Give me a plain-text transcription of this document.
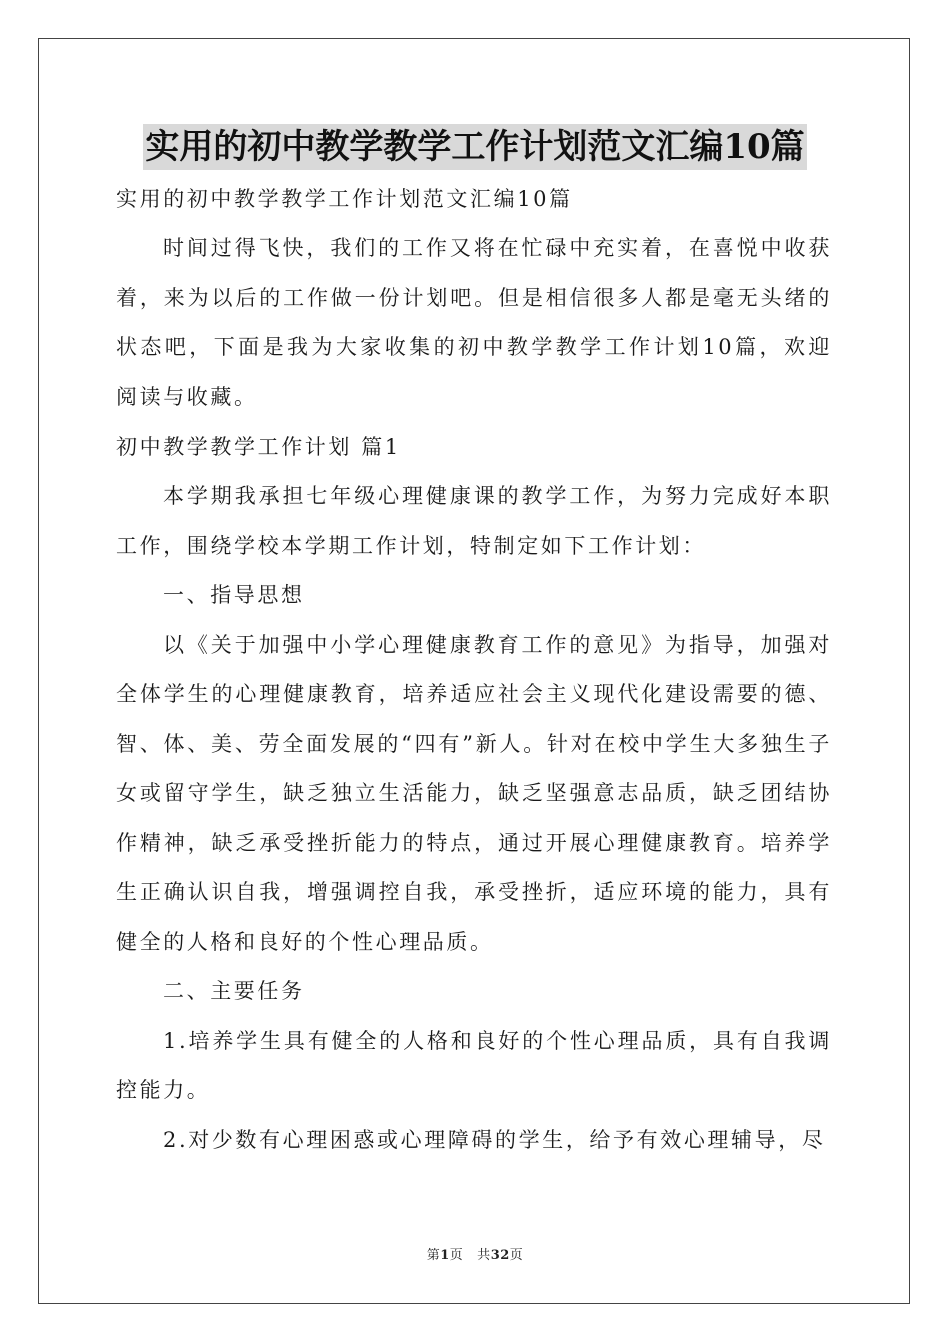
实用的初中教学教学工作计划范文汇编10篇

实用的初中教学教学工作计划范文汇编10篇

时间过得飞快，我们的工作又将在忙碌中充实着，在喜悦中收获着，来为以后的工作做一份计划吧。但是相信很多人都是毫无头绪的状态吧，下面是我为大家收集的初中教学教学工作计划10篇，欢迎阅读与收藏。

初中教学教学工作计划 篇1

本学期我承担七年级心理健康课的教学工作，为努力完成好本职工作，围绕学校本学期工作计划，特制定如下工作计划：

一、指导思想

以《关于加强中小学心理健康教育工作的意见》为指导，加强对全体学生的心理健康教育，培养适应社会主义现代化建设需要的德、智、体、美、劳全面发展的“四有”新人。针对在校中学生大多独生子女或留守学生，缺乏独立生活能力，缺乏坚强意志品质，缺乏团结协作精神，缺乏承受挫折能力的特点，通过开展心理健康教育。培养学生正确认识自我，增强调控自我，承受挫折，适应环境的能力，具有健全的人格和良好的个性心理品质。

二、主要任务

1.培养学生具有健全的人格和良好的个性心理品质，具有自我调控能力。

2.对少数有心理困惑或心理障碍的学生，给予有效心理辅导，尽

第1页 共32页
